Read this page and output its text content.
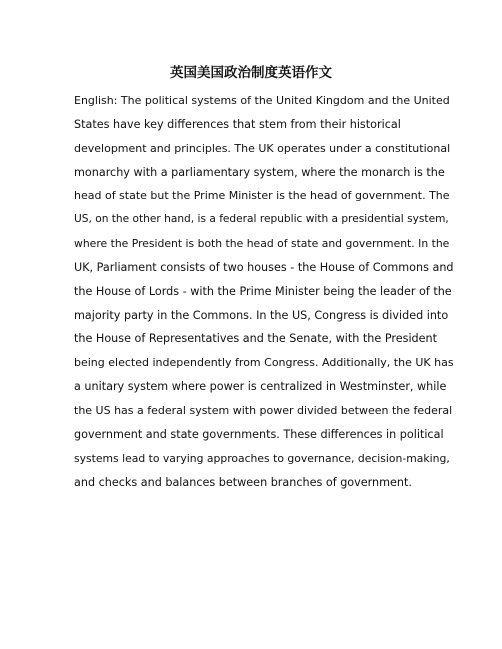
英国美国政治制度英语作文
English: The political systems of the United Kingdom and the United
States have key differences that stem from their historical
development and principles. The UK operates under a constitutional
monarchy with a parliamentary system, where the monarch is the
head of state but the Prime Minister is the head of government. The
US, on the other hand, is a federal republic with a presidential system,
where the President is both the head of state and government. In the
UK, Parliament consists of two houses - the House of Commons and
the House of Lords - with the Prime Minister being the leader of the
majority party in the Commons. In the US, Congress is divided into
the House of Representatives and the Senate, with the President
being elected independently from Congress. Additionally, the UK has
a unitary system where power is centralized in Westminster, while
the US has a federal system with power divided between the federal
government and state governments. These differences in political
systems lead to varying approaches to governance, decision-making,
and checks and balances between branches of government.
